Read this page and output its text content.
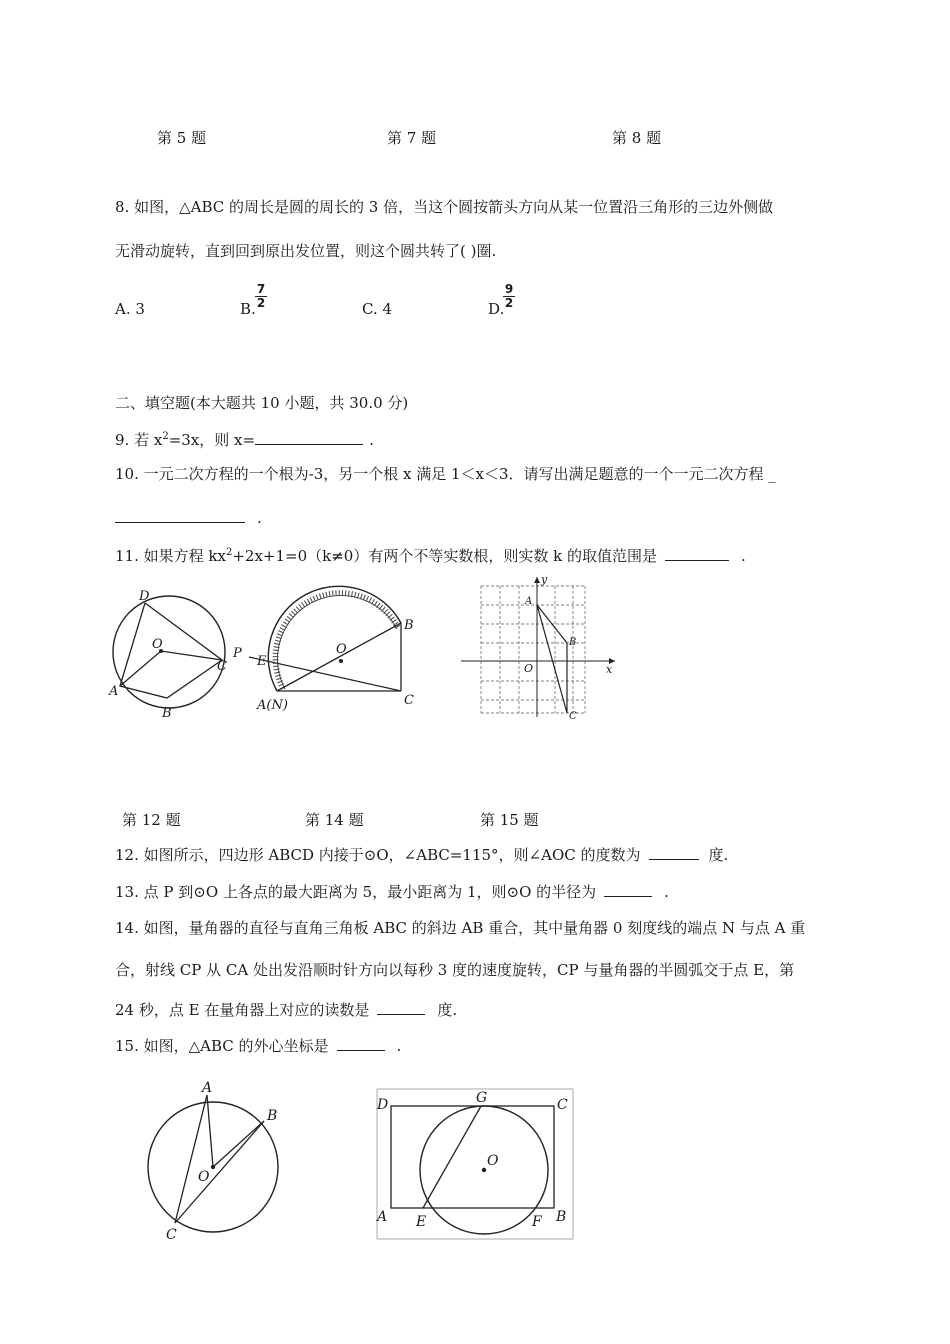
第 5 题	第 7 题	第 8 题
8. 如图，△ABC 的周长是圆的周长的 3 倍，当这个圆按箭头方向从某一位置沿三角形的三边外侧做
无滑动旋转，直到回到原出发位置，则这个圆共转了( )圈.
A. 3	B.
7
2	C. 4	D.
9
2
二、填空题(本大题共 10 小题，共 30.0 分)
9. 若 $x^2=3x$，则 x=	.
10. 一元二次方程的一个根为-3，另一个根 x 满足 1＜x＜3．请写出满足题意的一个一元二次方程 _
.
11. 如果方程 $kx^2+2x+1=0(k\ne 0)$有两个不等实数根，则实数 k 的取值范围是	.
D
O
C
A
B
P	O
B
E
C
A(N)
y
A
B
O	x
C
第 12 题	第 14 题	第 15 题
12. 如图所示，四边形 ABCD 内接于⊙O，∠ABC=115°，则∠AOC 的度数为	度.
13. 点 P 到⊙O 上各点的最大距离为 5，最小距离为 1，则⊙O 的半径为	.
14. 如图，量角器的直径与直角三角板 ABC 的斜边 AB 重合，其中量角器 0 刻度线的端点 N 与点 A 重
合，射线 CP 从 CA 处出发沿顺时针方向以每秒 3 度的速度旋转，CP 与量角器的半圆弧交于点 E，第
24 秒，点 E 在量角器上对应的读数是	度.
15. 如图，△ABC 的外心坐标是	.
A
B
O
C
D	G	C
O
A E	F B
